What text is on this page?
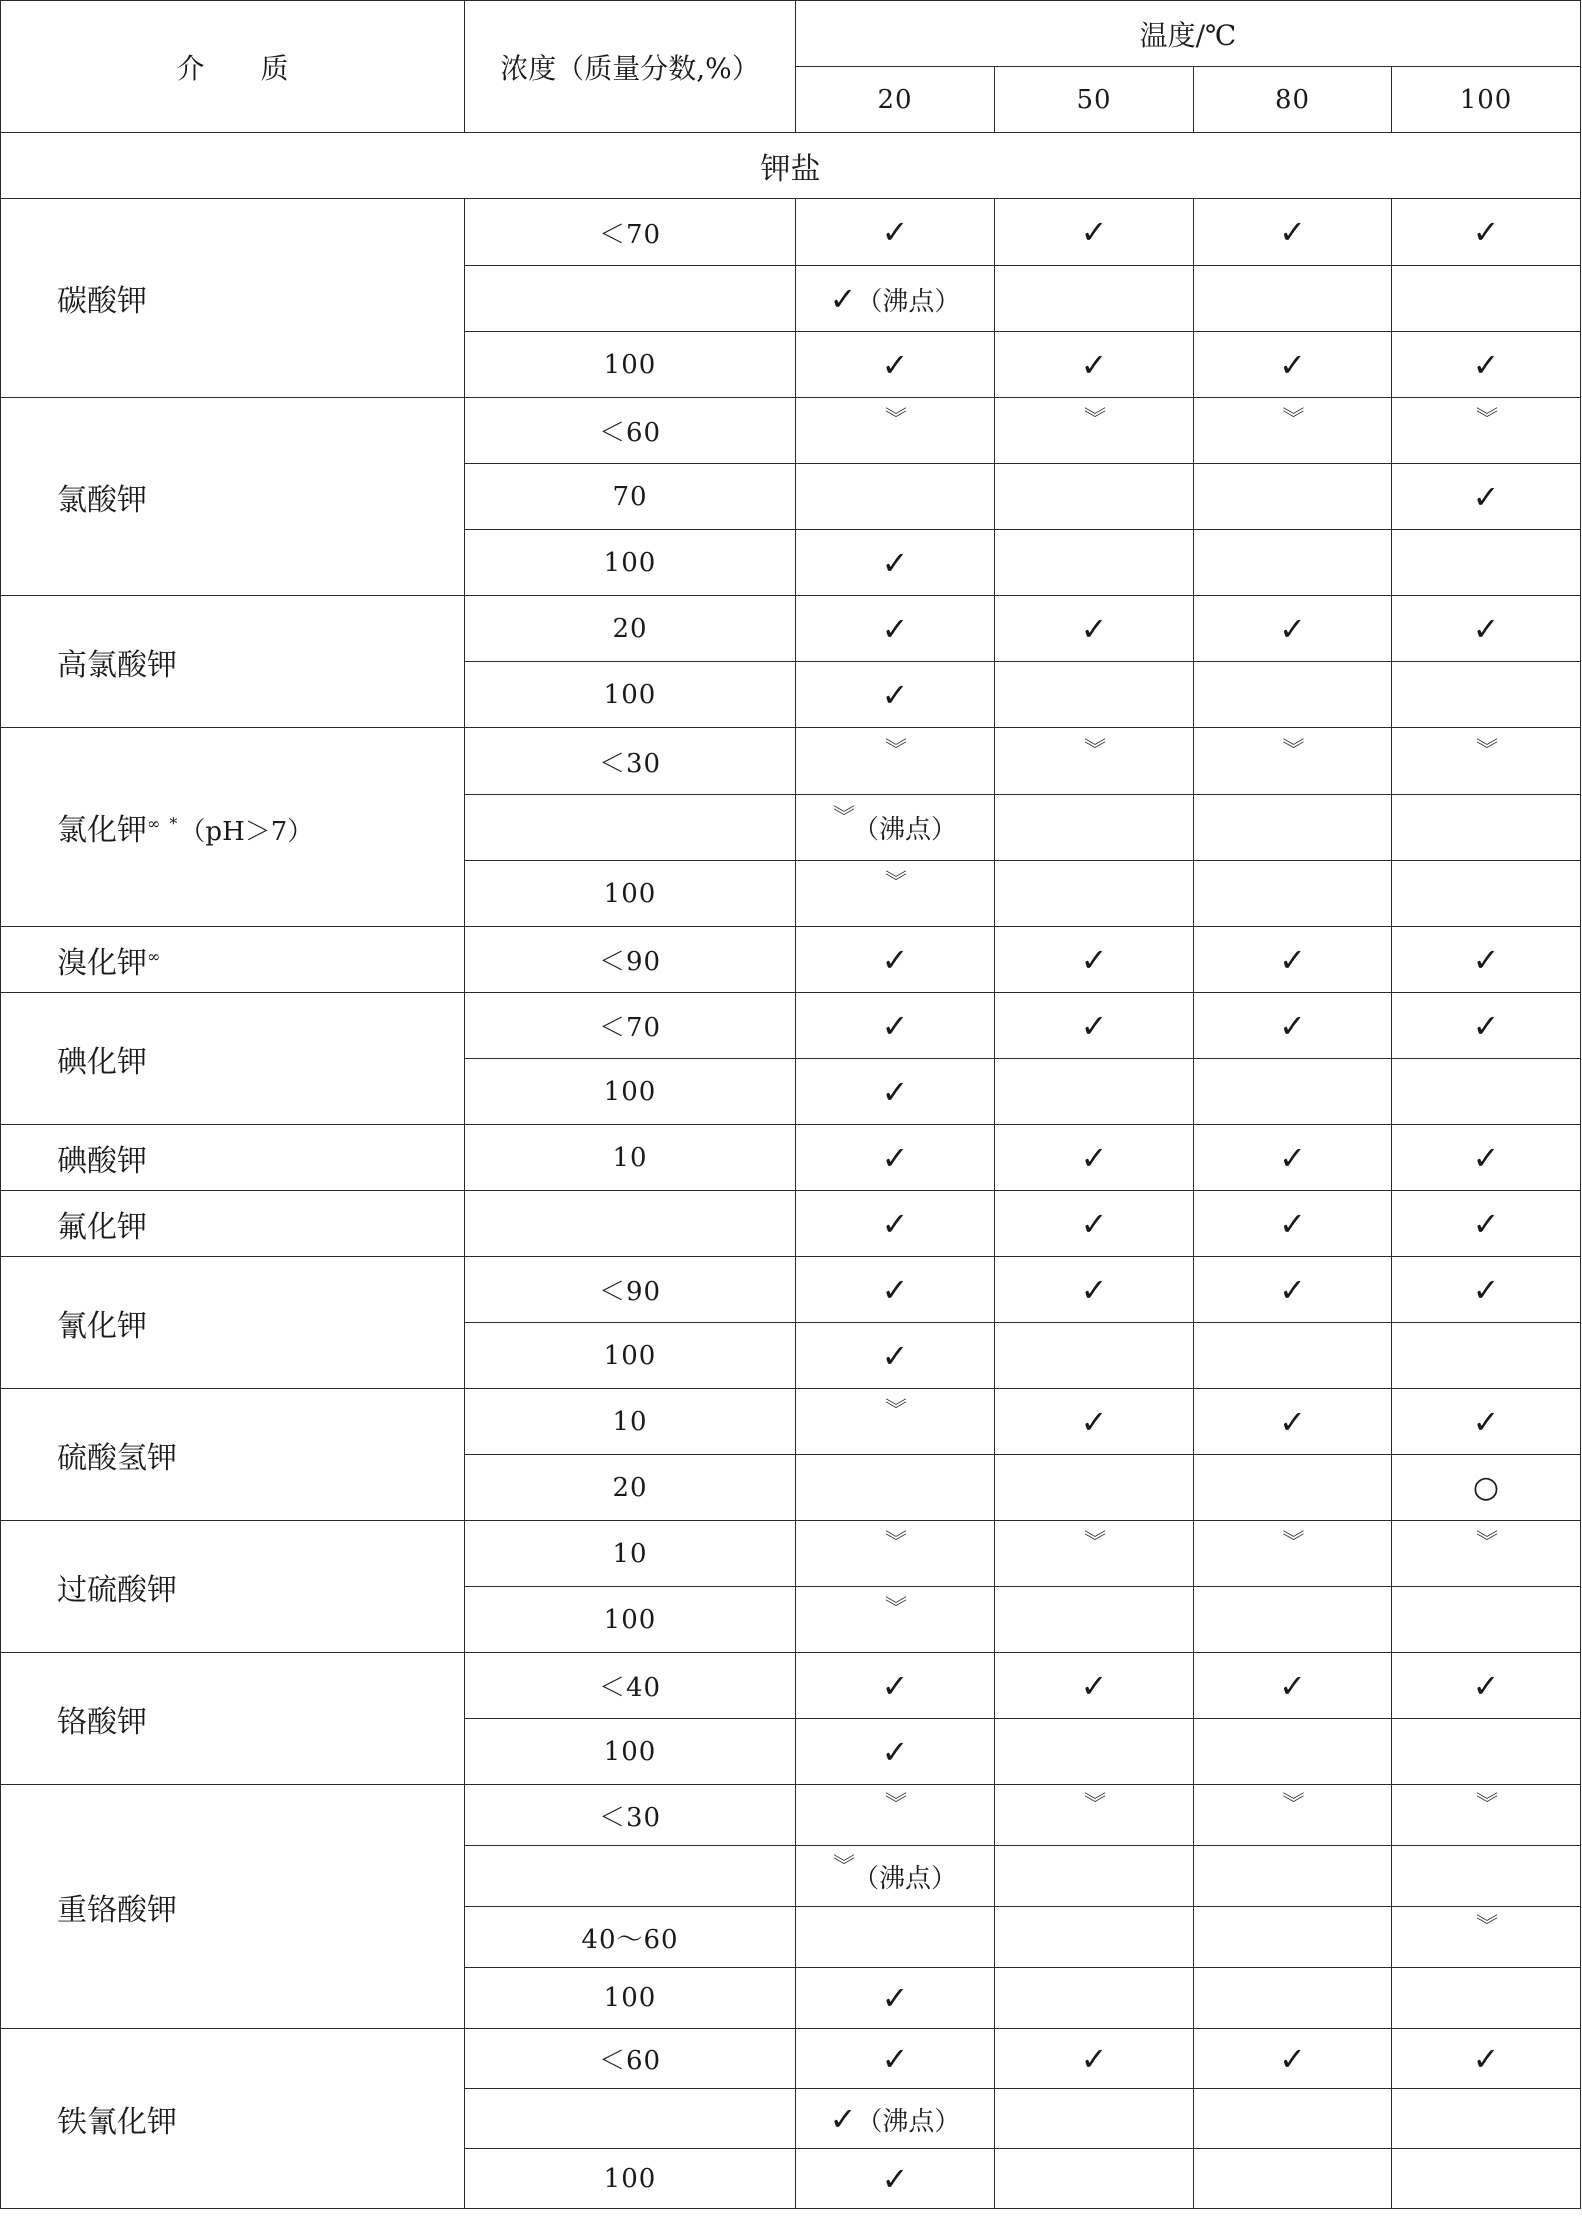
介　　质	浓度（质量分数,%）	温度/℃			
		20	50	80	100
钾盐					
碳酸钾	＜70	✓	✓	✓	✓
		✓（沸点）			
	100	✓	✓	✓	✓
氯酸钾	＜60	︾	︾	︾	︾
	70				✓
	100	✓			
高氯酸钾	20	✓	✓	✓	✓
	100	✓			
氯化钾∞ *（pH＞7）	＜30	︾	︾	︾	︾
		︾（沸点）			
	100	︾			
溴化钾∞	＜90	✓	✓	✓	✓
碘化钾	＜70	✓	✓	✓	✓
	100	✓			
碘酸钾	10	✓	✓	✓	✓
氟化钾		✓	✓	✓	✓
氰化钾	＜90	✓	✓	✓	✓
	100	✓			
硫酸氢钾	10	︾	✓	✓	✓
	20				○
过硫酸钾	10	︾	︾	︾	︾
	100	︾			
铬酸钾	＜40	✓	✓	✓	✓
	100	✓			
重铬酸钾	＜30	︾	︾	︾	︾
		︾（沸点）			
	40～60				︾
	100	✓			
铁氰化钾	＜60	✓	✓	✓	✓
		✓（沸点）			
	100	✓			
